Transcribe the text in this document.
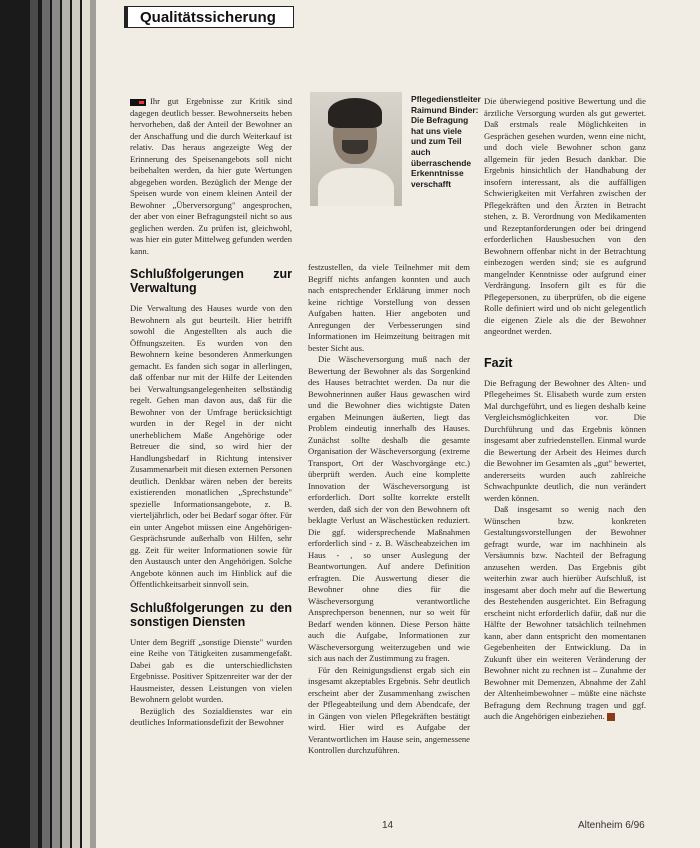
Qualitätssicherung

Ihr gut Ergebnisse zur Kritik sind dagegen deutlich besser. Bewohnerseits heben hervorheben, daß der Anteil der Bewohner an der Anschaffung und die durch Weiterkauf ist relativ. Das heraus angezeigte Weg der Erinnerung des Speisenangebots soll nicht beibehalten werden, da hier gute Wertungen abgegeben worden. Bezüglich der Menge der Speisen wurde von einem kleinen Anteil der Bewohner „Überversorgung" angesprochen, der aber von einer Befragungsteil nicht so aus geglichen werden. Zu prüfen ist, gleichwohl, was hier ein guter Mittelweg gefunden werden kann.

Schlußfolgerungen zur Verwaltung

Die Verwaltung des Hauses wurde von den Bewohnern als gut beurteilt. Hier betrifft sowohl die Angestellten als auch die Öffnungszeiten. Es wurden von den Bewohnern keine besonderen Anmerkungen gemacht. Es fanden sich sogar in allerlingen, daß offenbar nur mit der Hilfe der Leitenden bei Verwaltungsangelegenheiten selbständig regelt. Gehen man davon aus, daß für die Bewohner von der Umfrage berücksichtigt wurden in der Regel in der nicht unerheblichem Maße Angehörige oder Betreuer die sind, so wird hier der Handlungsbedarf in Richtung intensiver Zusammenarbeit mit diesen externen Personen deutlich. Denkbar wären neben der bereits existierenden monatlichen „Sprechstunde" spezielle Informationsangebote, z. B. vierteljährlich, oder bei Bedarf sogar öfter. Für ein unter Angebot müssen eine Angehörigen-Gesprächsrunde außerhalb von Hilfen, sehr gg. Zeit für weiter Informationen sowie für den Austausch unter den Angehörigen. Solche Angebote können auch im Hinblick auf die Öffentlichkeitsarbeit sinnvoll sein.

Schlußfolgerungen zu den sonstigen Diensten

Unter dem Begriff „sonstige Dienste" wurden eine Reihe von Tätigkeiten zusammengefaßt. Dabei gab es die unterschiedlichsten Ergebnisse. Positiver Spitzenreiter war der der Hausmeister, dessen Leistungen von vielen Bewohnern gelobt wurden.

Bezüglich des Sozialdienstes war ein deutliches Informationsdefizit der Bewohner

Pflegedienstleiter Raimund Binder: Die Befragung hat uns viele und zum Teil auch überraschende Erkenntnisse verschafft

festzustellen, da viele Teilnehmer mit dem Begriff nichts anfangen konnten und auch nach entsprechender Erklärung immer noch keine richtige Vorstellung von dessen Aufgaben hatten. Hier angeboten und Anregungen der Verbesserungen sind Informationen im Heimzeitung beitragen mit bester Sicht aus.

Die Wäscheversorgung muß nach der Bewertung der Bewohner als das Sorgenkind des Hauses betrachtet werden. Da nur die Bewohnerinnen außer Haus gewaschen wird und die Bewohner dies wichtigste Daten ergaben Meinungen äußerten, liegt das Problem eindeutig innerhalb des Hauses. Zunächst sollte deshalb die gesamte Organisation der Wäscheversorgung (extreme Transport, Ort der Waschvorgänge etc.) überprüft werden. Auch eine komplette Innovation der Wäscheversorgung ist erforderlich. Dort sollte korrekte erstellt werden, daß sich der von den Bewohnern oft beklagte Verlust an Wäschestücken reduziert. Die ggf. widersprechende Maßnahmen erforderlich sind - z. B. Wäscheabzeichen im Haus - , so unser Auslegung der Beantwortungen. Auf andere Definition erfragten. Die Auswertung dieser die Bewohner ohne dies für die Wäscheversorgung verantwortliche Ansprechperson benennen, nur so weit für Bedarf wenden können. Diese Person hätte auch die Aufgabe, Informationen zur Wäscheversorgung weiterzugeben und wie sich aus nach der Zustimmung zu fragen.

Für den Reinigungsdienst ergab sich ein insgesamt akzeptables Ergebnis. Sehr deutlich erscheint aber der Zusammenhang zwischen der Pflegeabteilung und dem Abendcafe, der in Gängen von vielen Pflegekräften bestätigt wird. Hier wird es Aufgabe der Verantwortlichen im Hause sein, angemessene Kontrollen durchzuführen.

Die überwiegend positive Bewertung und die ärztliche Versorgung wurden als gut gewertet. Daß erstmals reale Möglichkeiten in Gesprächen gesehen wurden, wenn eine nicht, und doch viele Bewohner schon ganz allgemein für jeden Besuch dankbar. Die Ergebnis hinsichtlich der Handhabung der insofern interessant, als die auffälligen Schwierigkeiten mit Verfahren zwischen der Pflegekräften und den Ärzten in Betracht stehen, z. B. Verordnung von Medikamenten und Rezeptanforderungen oder bei dringend erforderlichen Hausbesuchen von den Bewohnern offenbar nicht in der Betrachtung einbezogen werden sind; sie es aufgrund mangelnder Kenntnisse oder aufgrund einer Verdrängung. Insofern gilt es für die Pflegepersonen, zu überprüfen, ob die eigene Rolle definiert wird und ob nicht gelegentlich die eigenen Ziele als die der Bewohner angeordnet werden.

Fazit

Die Befragung der Bewohner des Alten- und Pflegeheimes St. Elisabeth wurde zum ersten Mal durchgeführt, und es liegen deshalb keine Vergleichsmöglichkeiten vor. Die Durchführung und das Ergebnis können insgesamt aber zufriedenstellen. Einmal wurde die Bewertung der Arbeit des Heimes durch die Bewohner im Gesamten als „gut" bewertet, andererseits wurden auch zahlreiche Schwachpunkte deutlich, die nun verändert werden können.

Daß insgesamt so wenig nach den Wünschen bzw. konkreten Gestaltungsvorstellungen der Bewohner gefragt wurde, war im nachhinein als Versäumnis bzw. Nachteil der Befragung anzusehen werden. Das Ergebnis gibt weiterhin zwar auch hierüber Aufschluß, ist insgesamt aber doch mehr auf die Bewertung des Bestehenden ausgerichtet. Ein Befragung erscheint nicht erforderlich dafür, daß nur die Hälfte der Bewohner tatsächlich teilnehmen kann, aber dann entspricht den momentanen Gegebenheiten der Entwicklung. Da in Zukunft über ein weiteren Veränderung der Bewohner nicht zu rechnen ist – Zunahme der Bewohner mit Demenzen, Abnahme der Zahl der Altenheimbewohner – müßte eine nächste Befragung dem Rechnung tragen und ggf. auch die Angehörigen einbeziehen.

14	Altenheim 6/96
